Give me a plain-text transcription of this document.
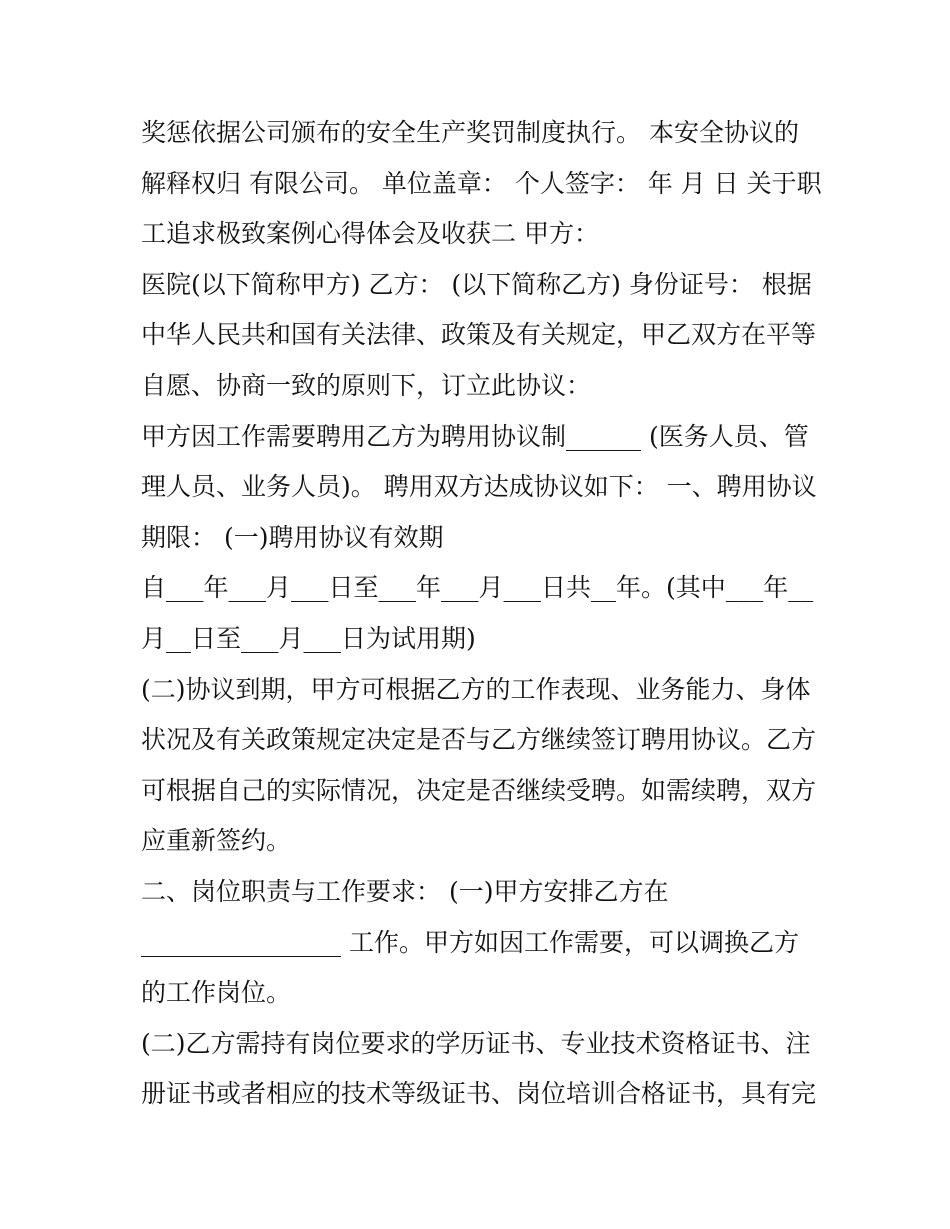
奖惩依据公司颁布的安全生产奖罚制度执行。 本安全协议的
解释权归 有限公司。 单位盖章： 个人签字： 年 月 日 关于职
工追求极致案例心得体会及收获二 甲方：
医院(以下简称甲方) 乙方： (以下简称乙方) 身份证号： 根据
中华人民共和国有关法律、政策及有关规定，甲乙双方在平等
自愿、协商一致的原则下，订立此协议：
甲方因工作需要聘用乙方为聘用协议制______ (医务人员、管
理人员、业务人员)。 聘用双方达成协议如下： 一、聘用协议
期限： (一)聘用协议有效期
自___年___月___日至___年___月___日共__年。(其中___年__
月__日至___月___日为试用期)
(二)协议到期，甲方可根据乙方的工作表现、业务能力、身体
状况及有关政策规定决定是否与乙方继续签订聘用协议。乙方
可根据自己的实际情况，决定是否继续受聘。如需续聘，双方
应重新签约。
二、岗位职责与工作要求： (一)甲方安排乙方在
________________ 工作。甲方如因工作需要，可以调换乙方
的工作岗位。
(二)乙方需持有岗位要求的学历证书、专业技术资格证书、注
册证书或者相应的技术等级证书、岗位培训合格证书，具有完
